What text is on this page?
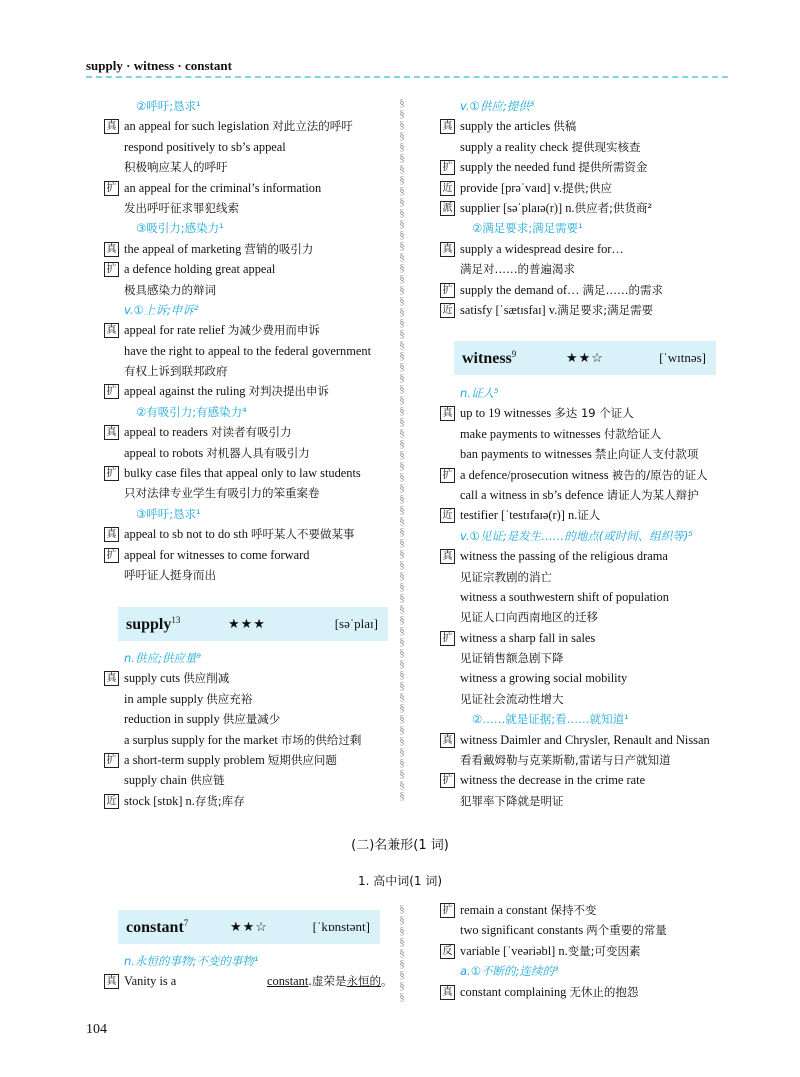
supply · witness · constant
②呼吁;恳求¹
真 an appeal for such legislation 对此立法的呼吁
respond positively to sb’s appeal
积极响应某人的呼吁
扩 an appeal for the criminal’s information
发出呼吁征求罪犯线索
③吸引力;感染力¹
真 the appeal of marketing 营销的吸引力
扩 a defence holding great appeal
极具感染力的辩词
v.①上诉;申诉²
真 appeal for rate relief 为减少费用而申诉
have the right to appeal to the federal government
有权上诉到联邦政府
扩 appeal against the ruling 对判决提出申诉
②有吸引力;有感染力⁴
真 appeal to readers 对读者有吸引力
appeal to robots 对机器人具有吸引力
扩 bulky case files that appeal only to law students
只对法律专业学生有吸引力的笨重案卷
③呼吁;恳求¹
真 appeal to sb not to do sth 呼吁某人不要做某事
扩 appeal for witnesses to come forward
呼吁证人挺身而出
supply$^{13}$	★★★	[səˈplaɪ]
n.供应;供应量⁹
真 supply cuts 供应削减
in ample supply 供应充裕
reduction in supply 供应量减少
a surplus supply for the market 市场的供给过剩
扩 a short-term supply problem 短期供应问题
supply chain 供应链
近 stock [stɒk] n.存货;库存
§
§
§
§
§
§
§
§
§
§
§
§
§
§
§
§
§
§
§
§
§
§
§
§
§
§
§
§
§
§
§
§
§
§
§
§
§
§
§
§
§
§
§
§
§
§
§
§
§
§
§
§
§
§
§
§
§
§
§
§
§
§
§
§
v.①供应;提供³
真 supply the articles 供稿
supply a reality check 提供现实核查
扩 supply the needed fund 提供所需资金
近 provide [prəˈvaɪd] v.提供;供应
派 supplier [səˈplaɪə(r)] n.供应者;供货商²
②满足要求;满足需要¹
真 supply a widespread desire for…
满足对……的普遍渴求
扩 supply the demand of… 满足……的需求
近 satisfy [ˈsætɪsfaɪ] v.满足要求;满足需要
witness$^9$	★★☆	[ˈwɪtnəs]
n.证人⁵
真 up to 19 witnesses 多达 19 个证人
make payments to witnesses 付款给证人
ban payments to witnesses 禁止向证人支付款项
扩 a defence/prosecution witness 被告的/原告的证人
call a witness in sb’s defence 请证人为某人辩护
近 testifier [ˈtestɪfaɪə(r)] n.证人
v.①见证;是发生……的地点(或时间、组织等)⁵
真 witness the passing of the religious drama
见证宗教剧的消亡
witness a southwestern shift of population
见证人口向西南地区的迁移
扩 witness a sharp fall in sales
见证销售额急剧下降
witness a growing social mobility
见证社会流动性增大
②……就是证据;看……就知道¹
真 witness Daimler and Chrysler, Renault and Nissan
看看戴姆勒与克莱斯勒,雷诺与日产就知道
扩 witness the decrease in the crime rate
犯罪率下降就是明证
(二)名兼形(1 词)
1. 高中词(1 词)
constant$^7$	★★☆	[ˈkɒnstənt]
n.永恒的事物;不变的事物¹
真 Vanity is a	constant.虚荣是永恒的。
§
§
§
§
§
§
§
§
§
扩 remain a constant 保持不变
two significant constants 两个重要的常量
反 variable [ˈveəriəbl] n.变量;可变因素
a.①不断的;连续的³
真 constant complaining 无休止的抱怨
104
